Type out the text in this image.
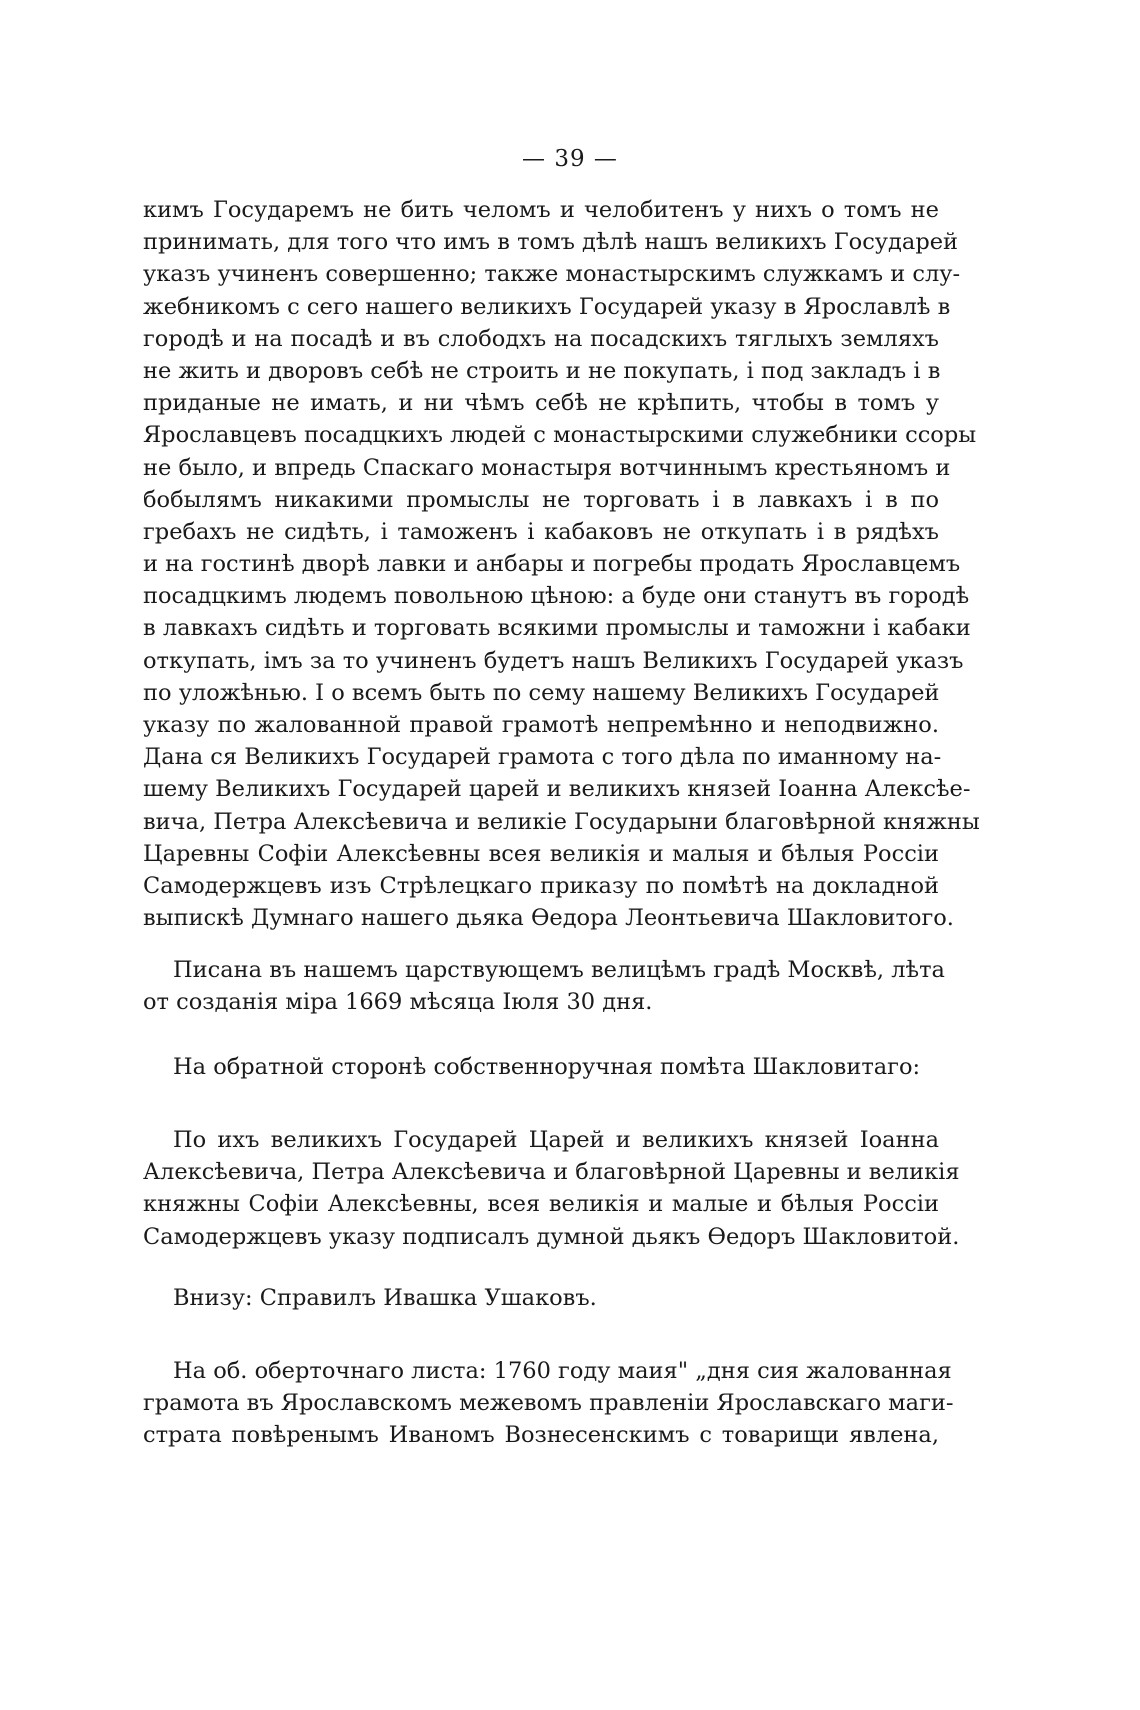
— 39 —
кимъ Государемъ не бить челомъ и челобитенъ у нихъ о томъ не
принимать, для того что имъ в томъ дѣлѣ нашъ великихъ Государей
указъ учиненъ совершенно; также монастырскимъ служкамъ и слу-
жебникомъ с сего нашего великихъ Государей указу в Ярославлѣ в
городѣ и на посадѣ и въ слободхъ на посадскихъ тяглыхъ земляхъ
не жить и дворовъ себѣ не строить и не покупать, і под закладъ і в
приданые не имать, и ни чѣмъ себѣ не крѣпить, чтобы в томъ у
Ярославцевъ посадцкихъ людей с монастырскими служебники ссоры
не было, и впредь Спаскаго монастыря вотчиннымъ крестьяномъ и
бобылямъ никакими промыслы не торговать і в лавкахъ і в по
гребахъ не сидѣть, і таможенъ і кабаковъ не откупать і в рядѣхъ
и на гостинѣ дворѣ лавки и анбары и погребы продать Ярославцемъ
посадцкимъ людемъ повольною цѣною: а буде они станутъ въ городѣ
в лавкахъ сидѣть и торговать всякими промыслы и таможни і кабаки
откупать, імъ за то учиненъ будетъ нашъ Великихъ Государей указъ
по уложѣнью. І о всемъ быть по сему нашему Великихъ Государей
указу по жалованной правой грамотѣ непремѣнно и неподвижно.
Дана ся Великихъ Государей грамота с того дѣла по иманному на-
шему Великихъ Государей царей и великихъ князей Іоанна Алексѣе-
вича, Петра Алексѣевича и великіе Государыни благовѣрной княжны
Царевны Софіи Алексѣевны всея великія и малыя и бѣлыя Россіи
Самодержцевъ изъ Стрѣлецкаго приказу по помѣтѣ на докладной
выпискѣ Думнаго нашего дьяка Ѳедора Леонтьевича Шакловитого.
Писана въ нашемъ царствующемъ велицѣмъ градѣ Москвѣ, лѣта
от созданія міра 1669 мѣсяца Іюля 30 дня.
На обратной сторонѣ собственноручная помѣта Шакловитаго:
По ихъ великихъ Государей Царей и великихъ князей Іоанна
Алексѣевича, Петра Алексѣевича и благовѣрной Царевны и великія
княжны Софіи Алексѣевны, всея великія и малые и бѣлыя Россіи
Самодержцевъ указу подписалъ думной дьякъ Ѳедоръ Шакловитой.
Внизу: Справилъ Ивашка Ушаковъ.
На об. оберточнаго листа: 1760 году маия" „дня сия жалованная
грамота въ Ярославскомъ межевомъ правленіи Ярославскаго маги-
страта повѣренымъ Иваномъ Вознесенскимъ с товарищи явлена,
